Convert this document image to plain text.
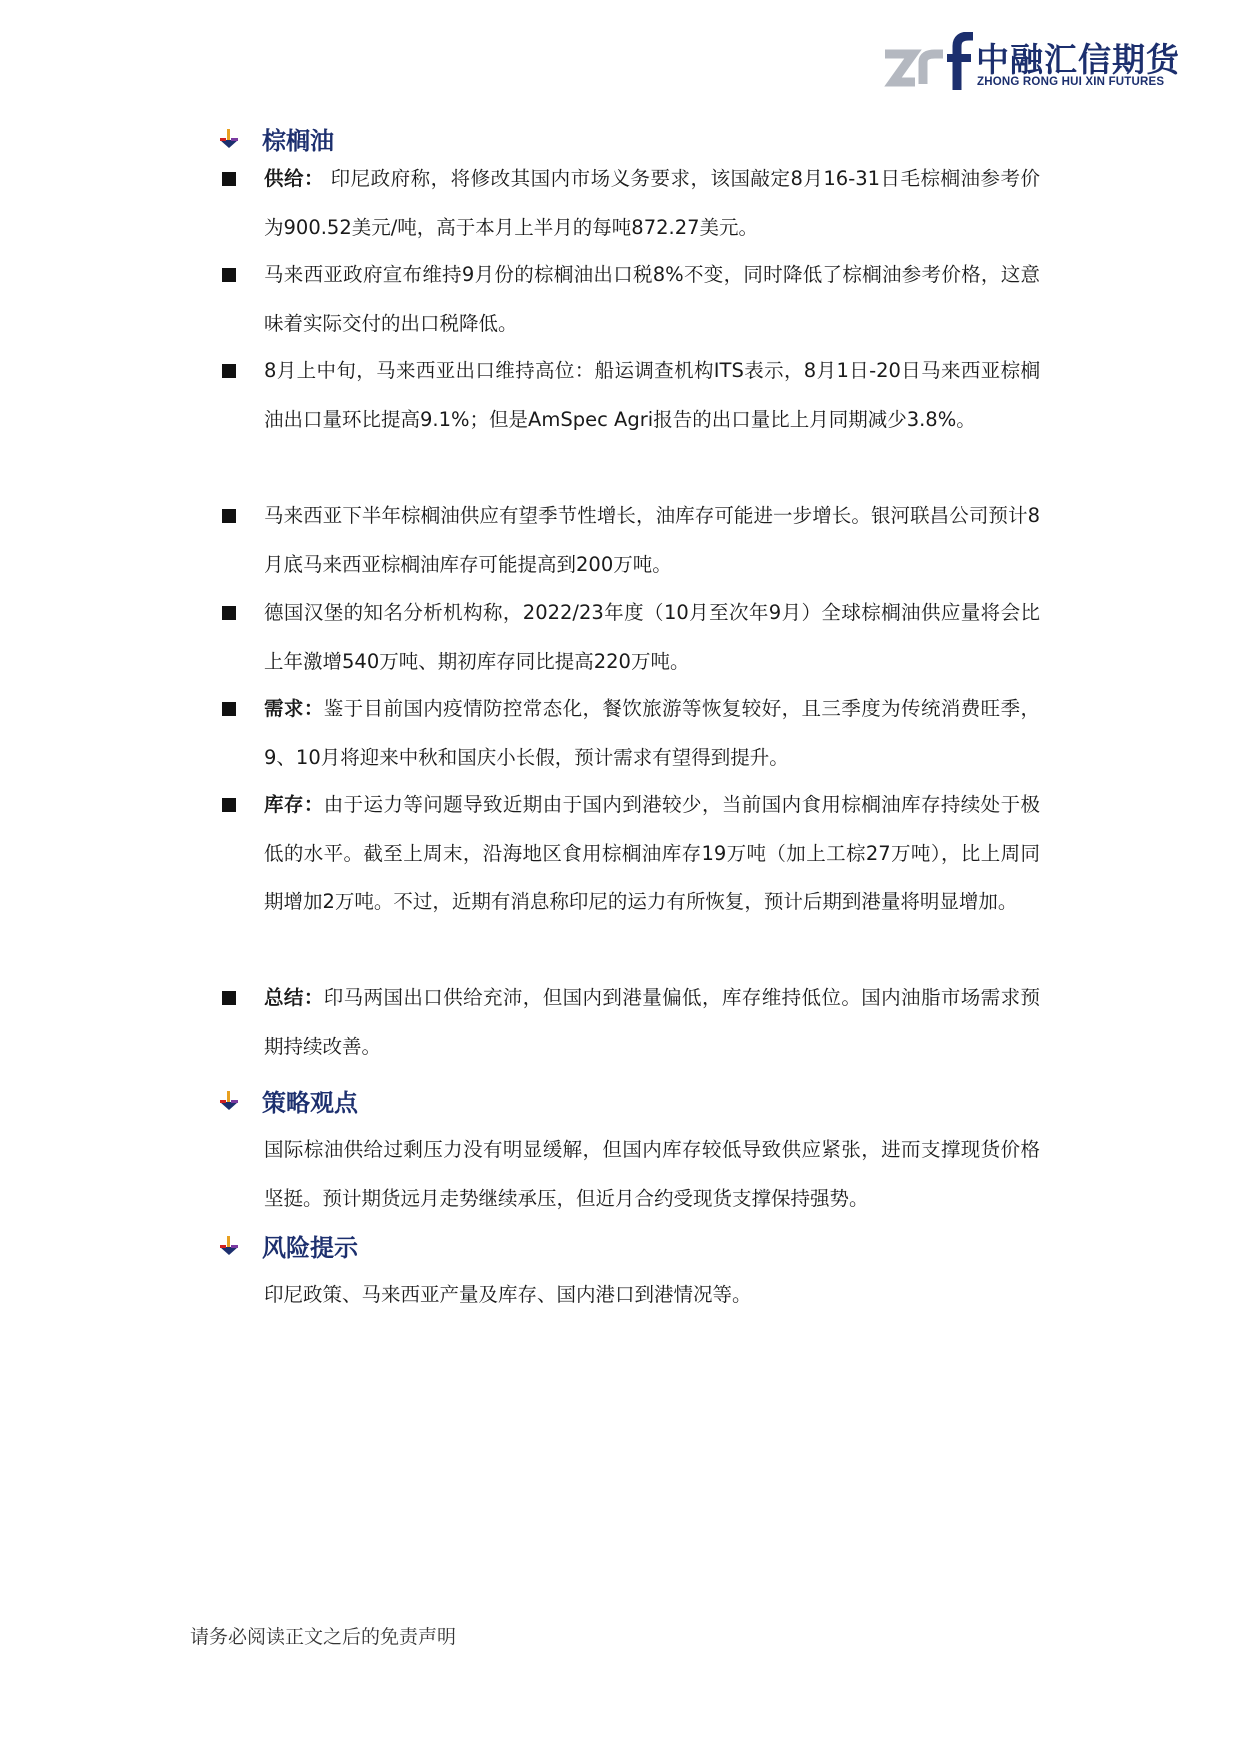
中融汇信期货
ZHONG RONG HUI XIN FUTURES
棕榈油
供给： 印尼政府称，将修改其国内市场义务要求，该国敲定8月16-31日毛棕榈油参考价为900.52美元/吨，高于本月上半月的每吨872.27美元。
马来西亚政府宣布维持9月份的棕榈油出口税8%不变，同时降低了棕榈油参考价格，这意味着实际交付的出口税降低。
8月上中旬，马来西亚出口维持高位：船运调查机构ITS表示，8月1日-20日马来西亚棕榈油出口量环比提高9.1%；但是AmSpec Agri报告的出口量比上月同期减少3.8%。
马来西亚下半年棕榈油供应有望季节性增长，油库存可能进一步增长。银河联昌公司预计8月底马来西亚棕榈油库存可能提高到200万吨。
德国汉堡的知名分析机构称，2022/23年度（10月至次年9月）全球棕榈油供应量将会比上年激增540万吨、期初库存同比提高220万吨。
需求：鉴于目前国内疫情防控常态化，餐饮旅游等恢复较好，且三季度为传统消费旺季，9、10月将迎来中秋和国庆小长假，预计需求有望得到提升。
库存：由于运力等问题导致近期由于国内到港较少，当前国内食用棕榈油库存持续处于极低的水平。截至上周末，沿海地区食用棕榈油库存19万吨（加上工棕27万吨），比上周同期增加2万吨。不过，近期有消息称印尼的运力有所恢复，预计后期到港量将明显增加。
总结：印马两国出口供给充沛，但国内到港量偏低，库存维持低位。国内油脂市场需求预期持续改善。
策略观点
国际棕油供给过剩压力没有明显缓解，但国内库存较低导致供应紧张，进而支撑现货价格坚挺。预计期货远月走势继续承压，但近月合约受现货支撑保持强势。
风险提示
印尼政策、马来西亚产量及库存、国内港口到港情况等。
请务必阅读正文之后的免责声明
